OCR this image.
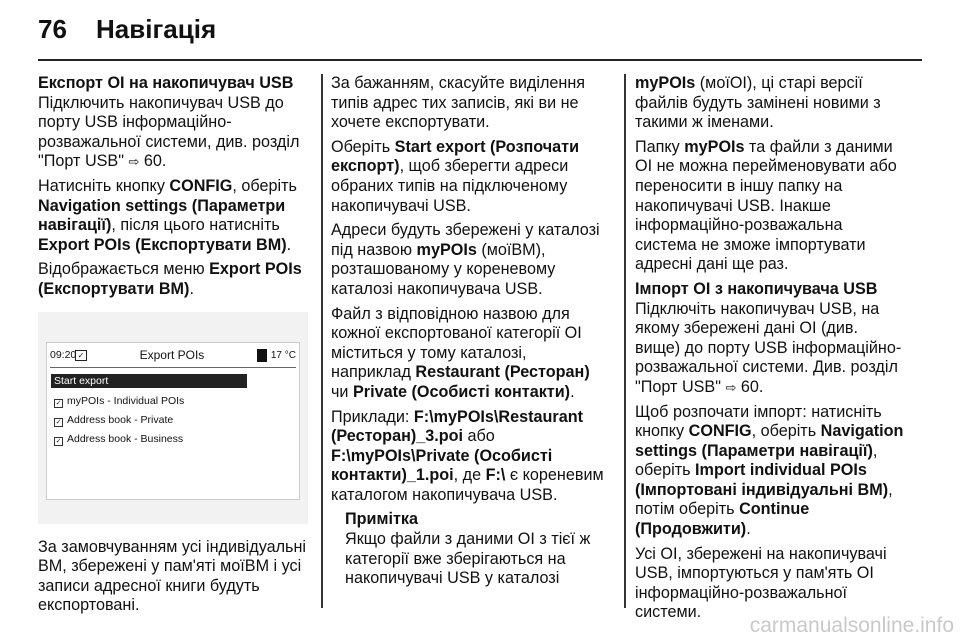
76	Навігація
Експорт ОІ на накопичувач USB

Підключить накопичувач USB до порту USB інформаційно-розважальної системи, див. розділ "Порт USB" ⇨ 60.

Натисніть кнопку CONFIG, оберіть Navigation settings (Параметри навігації), після цього натисніть Export POIs (Експортувати ВМ).

Відображається меню Export POIs (Експортувати ВМ).

09:20 ✓	Export POIs	17 °C
Start export
✓ myPOIs - Individual POIs
✓ Address book - Private
✓ Address book - Business

За замовчуванням усі індивідуальні ВМ, збережені у пам'яті моїВМ і усі записи адресної книги будуть експортовані.

За бажанням, скасуйте виділення типів адрес тих записів, які ви не хочете експортувати.

Оберіть Start export (Розпочати експорт), щоб зберегти адреси обраних типів на підключеному накопичувачі USB.

Адреси будуть збережені у каталозі під назвою myPOIs (моїВМ), розташованому у кореневому каталозі накопичувача USB.

Файл з відповідною назвою для кожної експортованої категорії ОІ міститься у тому каталозі, наприклад Restaurant (Ресторан) чи Private (Особисті контакти).

Приклади: F:\myPOIs\Restaurant (Ресторан)_3.poi або F:\myPOIs\Private (Особисті контакти)_1.poi, де F:\ є кореневим каталогом накопичувача USB.

Примітка

Якщо файли з даними ОІ з тієї ж категорії вже зберігаються на накопичувачі USB у каталозі

myPOIs (моїОІ), ці старі версії файлів будуть замінені новими з такими ж іменами.

Папку myPOIs та файли з даними ОІ не можна перейменовувати або переносити в іншу папку на накопичувачі USB. Інакше інформаційно-розважальна система не зможе імпортувати адресні дані ще раз.

Імпорт ОІ з накопичувача USB

Підключіть накопичувач USB, на якому збережені дані ОІ (див. вище) до порту USB інформаційно-розважальної системи. Див. розділ "Порт USB" ⇨ 60.

Щоб розпочати імпорт: натисніть кнопку CONFIG, оберіть Navigation settings (Параметри навігації), оберіть Import individual POIs (Імпортовані індивідуальні ВМ), потім оберіть Continue (Продовжити).

Усі ОІ, збережені на накопичувачі USB, імпортуються у пам'ять ОІ інформаційно-розважальної системи.

carmanualsonline.info
